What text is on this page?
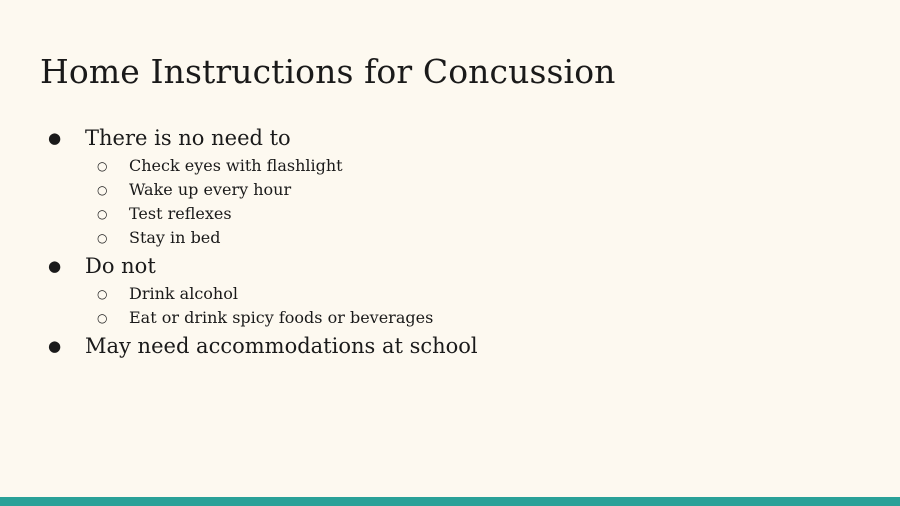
Home Instructions for Concussion
●	There is no need to
○	Check eyes with flashlight
○	Wake up every hour
○	Test reflexes
○	Stay in bed
●	Do not
○	Drink alcohol
○	Eat or drink spicy foods or beverages
●	May need accommodations at school
